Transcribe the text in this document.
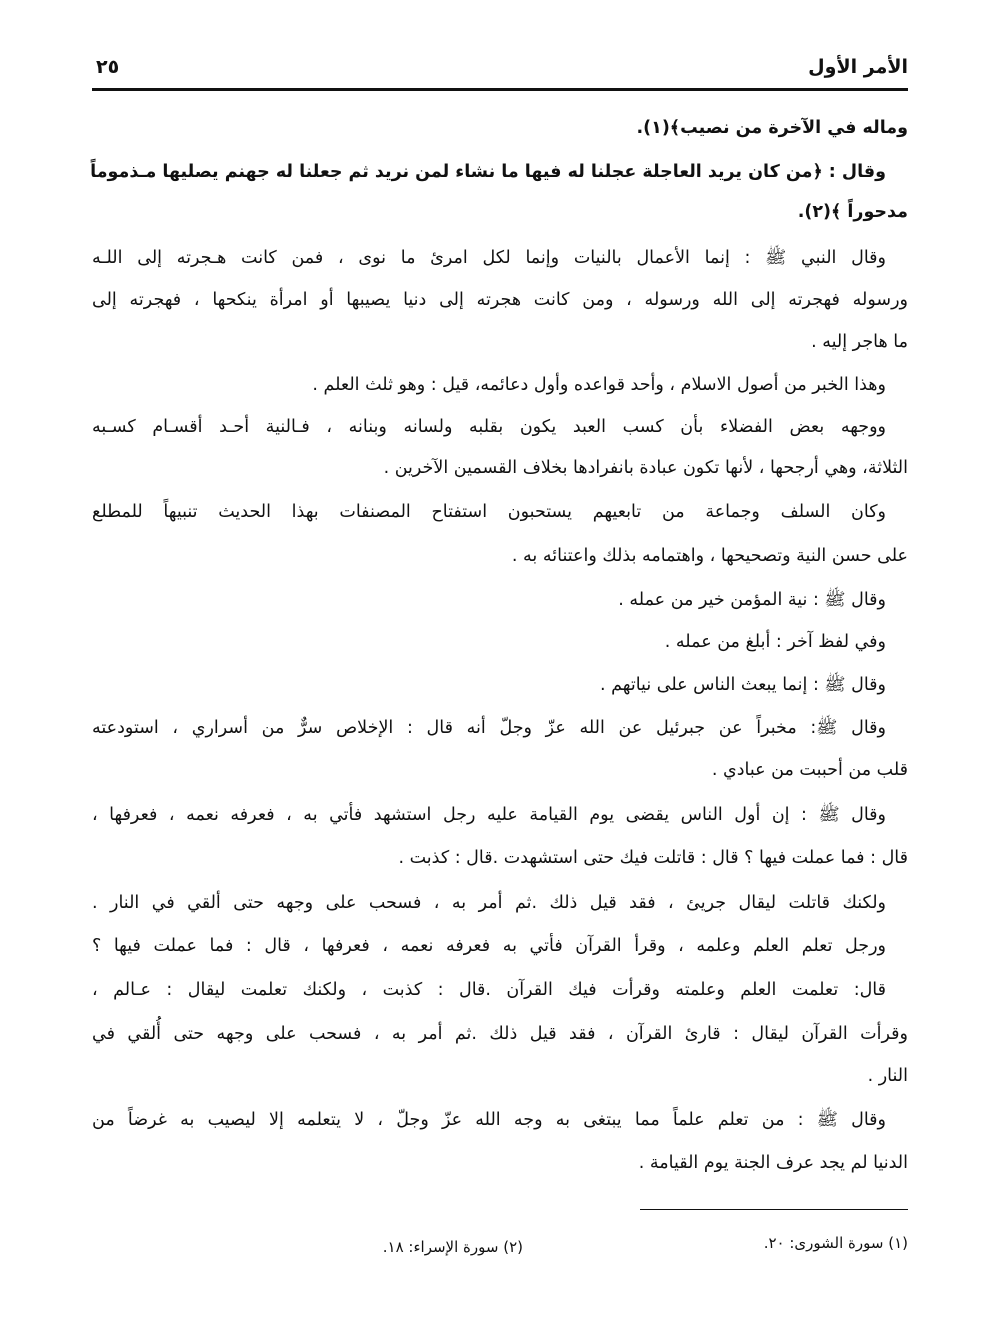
٢٥	الأمر الأول
وماله في الآخرة من نصيب﴾(١).
وقال : ﴿من كان يريد العاجلة عجلنا له فيها ما نشاء لمن نريد ثم جعلنا له جهنم يصليها مـذموماً
مدحوراً ﴾(٢).
وقال النبي ﷺ : إنما الأعمال بالنيات وإنما لكل امرئ ما نوى ، فمن كانت هـجرته إلى اللـه
ورسوله فهجرته إلى الله ورسوله ، ومن كانت هجرته إلى دنيا يصيبها أو امرأة ينكحها ، فهجرته إلى
ما هاجر إليه .
وهذا الخبر من أصول الاسلام ، وأحد قواعده وأول دعائمه، قيل : وهو ثلث العلم .
ووجهه بعض الفضلاء بأن كسب العبد يكون بقلبه ولسانه وبنانه ، فـالنية أحـد أقسـام كسـبه
الثلاثة، وهي أرجحها ، لأنها تكون عبادة بانفرادها بخلاف القسمين الآخرين .
وكان السلف وجماعة من تابعيهم يستحبون استفتاح المصنفات بهذا الحديث تنبيهاً للمطلع
على حسن النية وتصحيحها ، واهتمامه بذلك واعتنائه به .
وقال ﷺ : نية المؤمن خير من عمله .
وفي لفظ آخر : أبلغ من عمله .
وقال ﷺ : إنما يبعث الناس على نياتهم .
وقال ﷺ: مخبراً عن جبرئيل عن الله عزّ وجلّ أنه قال : الإخلاص سرٌّ من أسراري ، استودعته
قلب من أحببت من عبادي .
وقال ﷺ : إن أول الناس يقضى يوم القيامة عليه رجل استشهد فأتي به ، فعرفه نعمه ، فعرفها ،
قال : فما عملت فيها ؟ قال : قاتلت فيك حتى استشهدت .قال : كذبت .
ولكنك قاتلت ليقال جريئ ، فقد قيل ذلك .ثم أمر به ، فسحب على وجهه حتى ألقي في النار .
ورجل تعلم العلم وعلمه ، وقرأ القرآن فأتي به فعرفه نعمه ، فعرفها ، قال : فما عملت فيها ؟
قال: تعلمت العلم وعلمته وقرأت فيك القرآن .قال : كذبت ، ولكنك تعلمت ليقال : عـالم ،
وقرأت القرآن ليقال : قارئ القرآن ، فقد قيل ذلك .ثم أمر به ، فسحب على وجهه حتى أُلقي في
النار .
وقال ﷺ : من تعلم علماً مما يبتغى به وجه الله عزّ وجلّ ، لا يتعلمه إلا ليصيب به غرضاً من
الدنيا لم يجد عرف الجنة يوم القيامة .
(١) سورة الشورى: ٢٠.
(٢) سورة الإسراء: ١٨.
